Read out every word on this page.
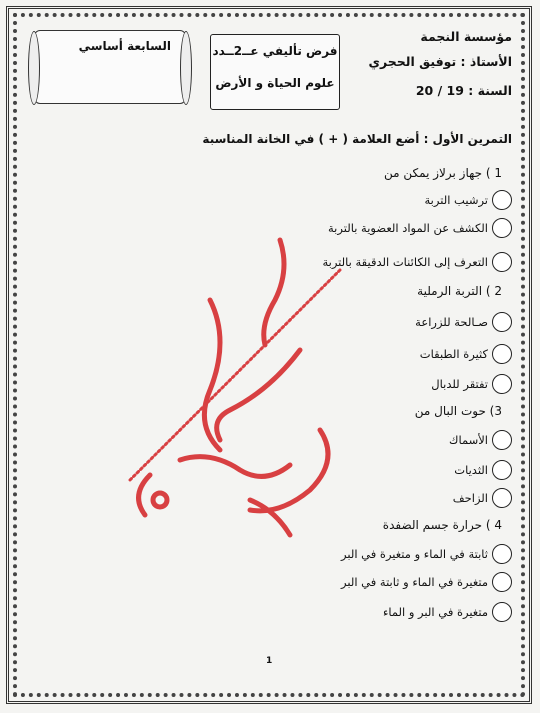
مؤسسة النجمة
الأستاذ : توفيق الحجري
السنة : 19 / 20
فرض تأليفي عــ2ــدد
علوم الحياة و الأرض
السابعة أساسي
التمرين الأول : أضع العلامة ( + ) في الخانة المناسبة
1 ) جهاز برلاز يمكن من
ترشيب التربة
الكشف عن المواد العضوية بالتربة
التعرف إلى الكائنات الدقيقة بالتربة
2 ) التربة الرملية
صـالحة للزراعة
كثيرة الطبقات
تفتقر للدبال
3) حوت البال من
الأسماك
الثديات
الزاحف
4 ) حرارة جسم الضفدة
ثابتة في الماء و متغيرة في البر
متغيرة في الماء و ثابتة في البر
متغيرة في البر و الماء
1
